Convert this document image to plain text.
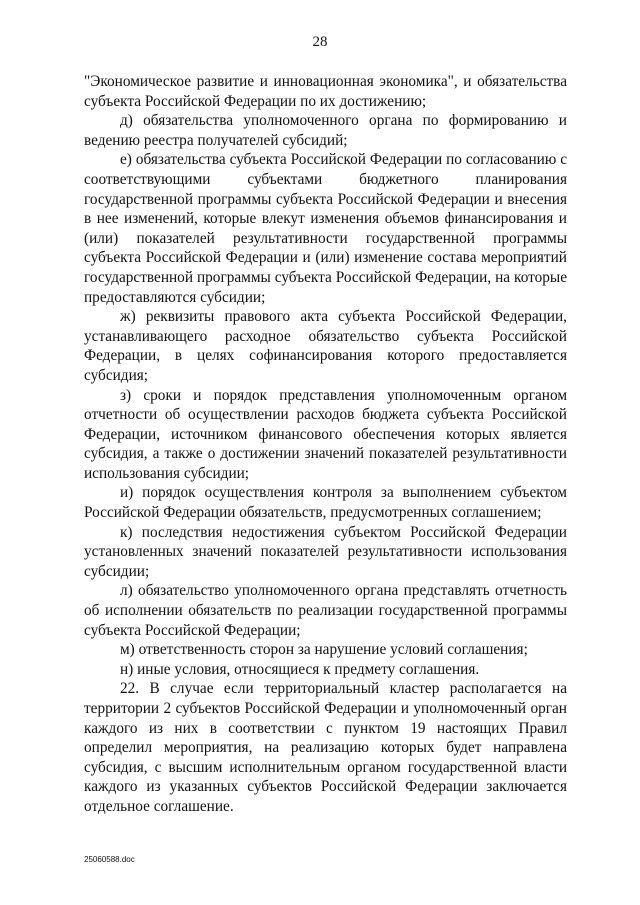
28

"Экономическое развитие и инновационная экономика", и обязательства субъекта Российской Федерации по их достижению;

д) обязательства уполномоченного органа по формированию и ведению реестра получателей субсидий;

е) обязательства субъекта Российской Федерации по согласованию с соответствующими субъектами бюджетного планирования государственной программы субъекта Российской Федерации и внесения в нее изменений, которые влекут изменения объемов финансирования и (или) показателей результативности государственной программы субъекта Российской Федерации и (или) изменение состава мероприятий государственной программы субъекта Российской Федерации, на которые предоставляются субсидии;

ж) реквизиты правового акта субъекта Российской Федерации, устанавливающего расходное обязательство субъекта Российской Федерации, в целях софинансирования которого предоставляется субсидия;

з) сроки и порядок представления уполномоченным органом отчетности об осуществлении расходов бюджета субъекта Российской Федерации, источником финансового обеспечения которых является субсидия, а также о достижении значений показателей результативности использования субсидии;

и) порядок осуществления контроля за выполнением субъектом Российской Федерации обязательств, предусмотренных соглашением;

к) последствия недостижения субъектом Российской Федерации установленных значений показателей результативности использования субсидии;

л) обязательство уполномоченного органа представлять отчетность об исполнении обязательств по реализации государственной программы субъекта Российской Федерации;

м) ответственность сторон за нарушение условий соглашения;

н) иные условия, относящиеся к предмету соглашения.

22. В случае если территориальный кластер располагается на территории 2 субъектов Российской Федерации и уполномоченный орган каждого из них в соответствии с пунктом 19 настоящих Правил определил мероприятия, на реализацию которых будет направлена субсидия, с высшим исполнительным органом государственной власти каждого из указанных субъектов Российской Федерации заключается отдельное соглашение.

25060588.doc
